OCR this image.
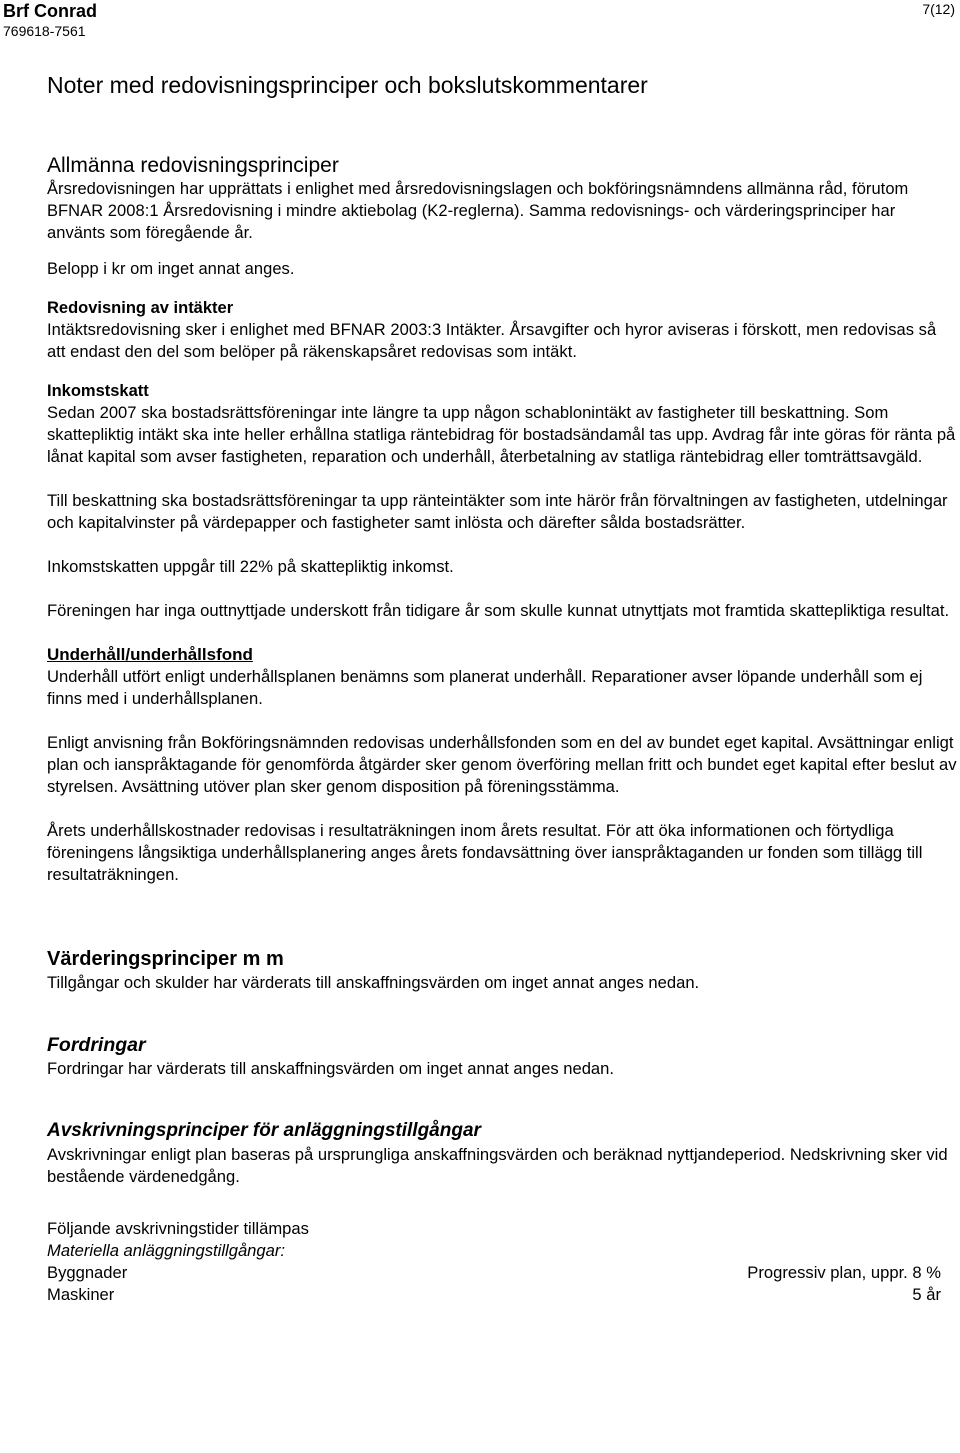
Brf Conrad
769618-7561
7(12)
Noter med redovisningsprinciper och bokslutskommentarer
Allmänna redovisningsprinciper

Årsredovisningen har upprättats i enlighet med årsredovisningslagen och bokföringsnämndens allmänna råd, förutom BFNAR 2008:1 Årsredovisning i mindre aktiebolag (K2-reglerna). Samma redovisnings- och värderingsprinciper har använts som föregående år.

Belopp i kr om inget annat anges.

Redovisning av intäkter

Intäktsredovisning sker i enlighet med BFNAR 2003:3 Intäkter. Årsavgifter och hyror aviseras i förskott, men redovisas så att endast den del som belöper på räkenskapsåret redovisas som intäkt.

Inkomstskatt

Sedan 2007 ska bostadsrättsföreningar inte längre ta upp någon schablonintäkt av fastigheter till beskattning. Som skattepliktig intäkt ska inte heller erhållna statliga räntebidrag för bostadsändamål tas upp. Avdrag får inte göras för ränta på lånat kapital som avser fastigheten, reparation och underhåll, återbetalning av statliga räntebidrag eller tomträttsavgäld.

Till beskattning ska bostadsrättsföreningar ta upp ränteintäkter som inte härör från förvaltningen av fastigheten, utdelningar och kapitalvinster på värdepapper och fastigheter samt inlösta och därefter sålda bostadsrätter.

Inkomstskatten uppgår till 22% på skattepliktig inkomst.

Föreningen har inga outtnyttjade underskott från tidigare år som skulle kunnat utnyttjats mot framtida skattepliktiga resultat.

Underhåll/underhållsfond

Underhåll utfört enligt underhållsplanen benämns som planerat underhåll. Reparationer avser löpande underhåll som ej finns med i underhållsplanen.

Enligt anvisning från Bokföringsnämnden redovisas underhållsfonden som en del av bundet eget kapital. Avsättningar enligt plan och ianspråktagande för genomförda åtgärder sker genom överföring mellan fritt och bundet eget kapital efter beslut av styrelsen. Avsättning utöver plan sker genom disposition på föreningsstämma.

Årets underhållskostnader redovisas i resultaträkningen inom årets resultat. För att öka informationen och förtydliga föreningens långsiktiga underhållsplanering anges årets fondavsättning över ianspråktaganden ur fonden som tillägg till resultaträkningen.

Värderingsprinciper m m

Tillgångar och skulder har värderats till anskaffningsvärden om inget annat anges nedan.

Fordringar

Fordringar har värderats till anskaffningsvärden om inget annat anges nedan.

Avskrivningsprinciper för anläggningstillgångar

Avskrivningar enligt plan baseras på ursprungliga anskaffningsvärden och beräknad nyttjandeperiod. Nedskrivning sker vid bestående värdenedgång.

Följande avskrivningstider tillämpas

Materiella anläggningstillgångar:

Byggnader	Progressiv plan, uppr. 8 %
Maskiner	5 år
